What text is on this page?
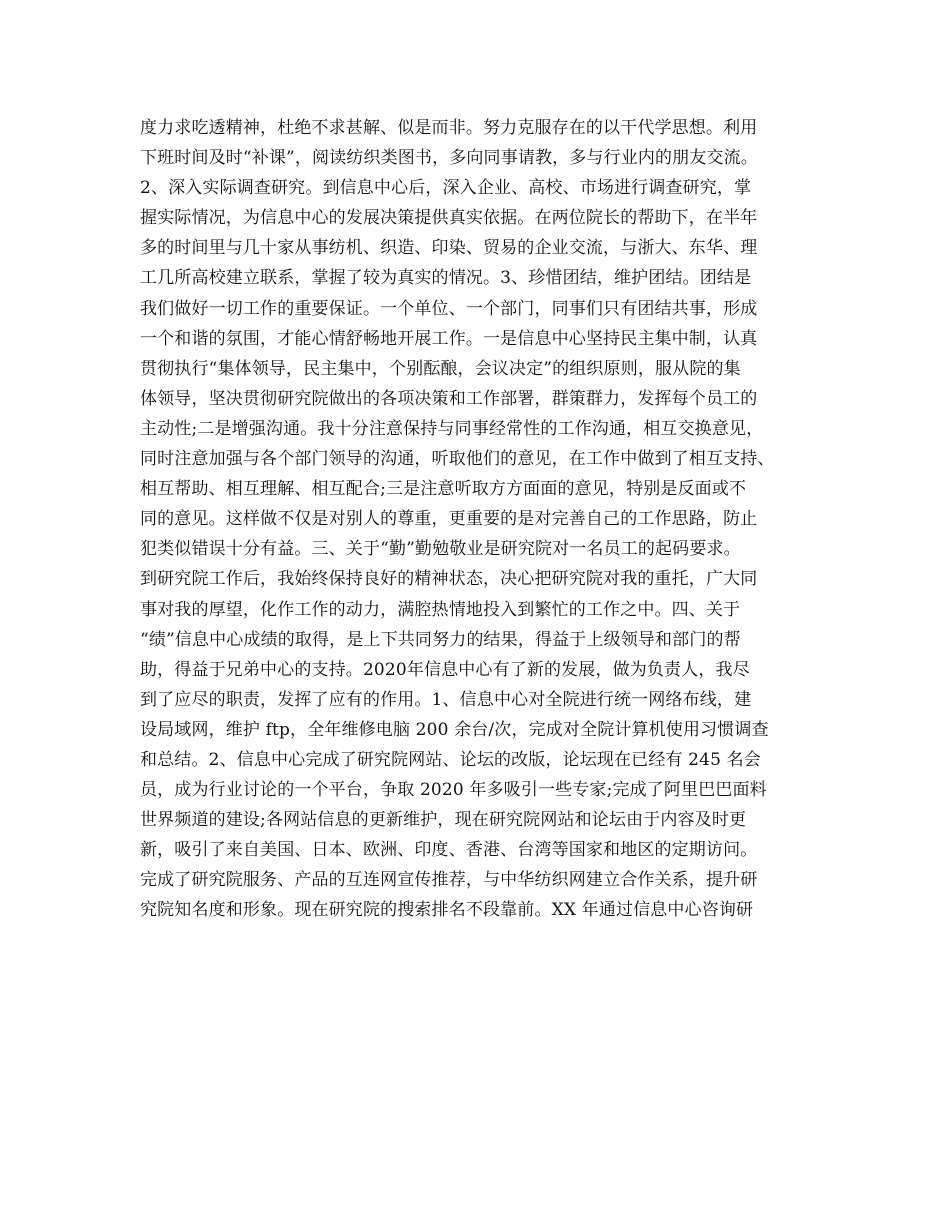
度力求吃透精神，杜绝不求甚解、似是而非。努力克服存在的以干代学思想。利用
下班时间及时“补课”，阅读纺织类图书，多向同事请教，多与行业内的朋友交流。
2、深入实际调查研究。到信息中心后，深入企业、高校、市场进行调查研究，掌
握实际情况，为信息中心的发展决策提供真实依据。在两位院长的帮助下，在半年
多的时间里与几十家从事纺机、织造、印染、贸易的企业交流，与浙大、东华、理
工几所高校建立联系，掌握了较为真实的情况。3、珍惜团结，维护团结。团结是
我们做好一切工作的重要保证。一个单位、一个部门，同事们只有团结共事，形成
一个和谐的氛围，才能心情舒畅地开展工作。一是信息中心坚持民主集中制，认真
贯彻执行“集体领导，民主集中，个别酝酿，会议决定”的组织原则，服从院的集
体领导，坚决贯彻研究院做出的各项决策和工作部署，群策群力，发挥每个员工的
主动性;二是增强沟通。我十分注意保持与同事经常性的工作沟通，相互交换意见，
同时注意加强与各个部门领导的沟通，听取他们的意见，在工作中做到了相互支持、
相互帮助、相互理解、相互配合;三是注意听取方方面面的意见，特别是反面或不
同的意见。这样做不仅是对别人的尊重，更重要的是对完善自己的工作思路，防止
犯类似错误十分有益。三、关于“勤”勤勉敬业是研究院对一名员工的起码要求。
到研究院工作后，我始终保持良好的精神状态，决心把研究院对我的重托，广大同
事对我的厚望，化作工作的动力，满腔热情地投入到繁忙的工作之中。四、关于
“绩”信息中心成绩的取得，是上下共同努力的结果，得益于上级领导和部门的帮
助，得益于兄弟中心的支持。2020年信息中心有了新的发展，做为负责人，我尽
到了应尽的职责，发挥了应有的作用。1、信息中心对全院进行统一网络布线，建
设局域网，维护 ftp，全年维修电脑 200 余台/次，完成对全院计算机使用习惯调查
和总结。2、信息中心完成了研究院网站、论坛的改版，论坛现在已经有 245 名会
员，成为行业讨论的一个平台，争取 2020 年多吸引一些专家;完成了阿里巴巴面料
世界频道的建设;各网站信息的更新维护，现在研究院网站和论坛由于内容及时更
新，吸引了来自美国、日本、欧洲、印度、香港、台湾等国家和地区的定期访问。
完成了研究院服务、产品的互连网宣传推荐，与中华纺织网建立合作关系，提升研
究院知名度和形象。现在研究院的搜索排名不段靠前。XX 年通过信息中心咨询研
